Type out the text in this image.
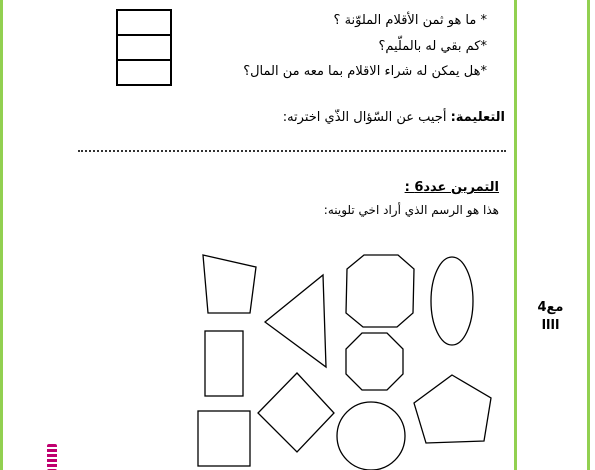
* ما هو ثمن الأقلام الملوّنة ؟
*كم بقي له بالملّيم؟
*هل يمكن له شراء الاقلام بما معه من المال؟
التعليمة: أجيب عن السّؤال الذّي اخترته:
التمرين عدد6 :
هذا هو الرسم الذي أراد اخي تلوينه:
مع4
اااا
